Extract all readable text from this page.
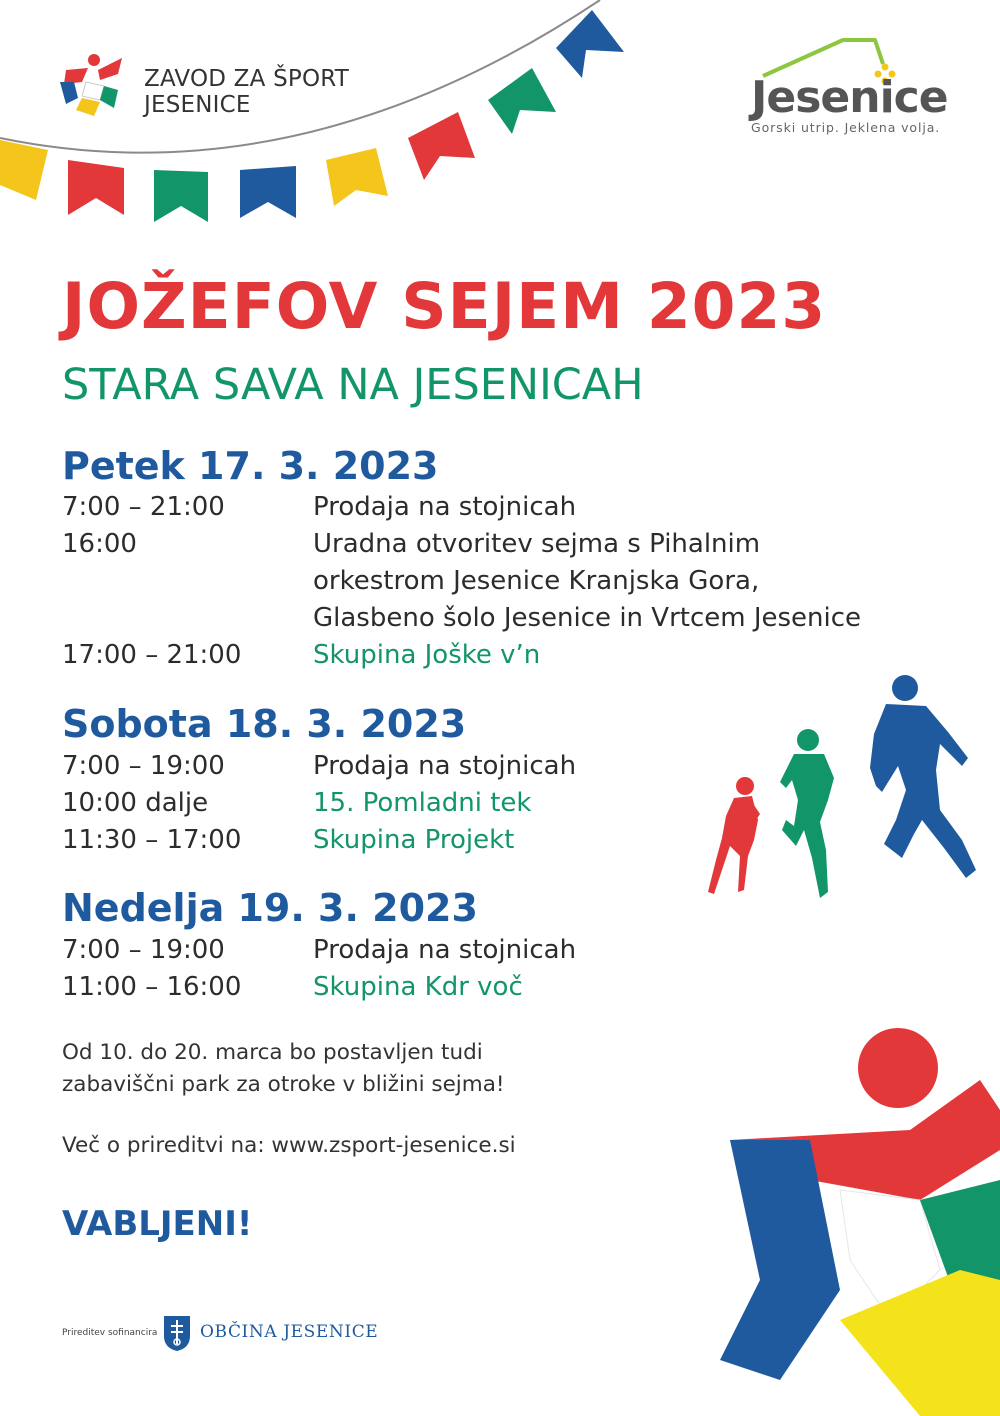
ZAVOD ZA ŠPORT
JESENICE	Jesenice
Gorski utrip. Jeklena volja.
JOŽEFOV SEJEM 2023
STARA SAVA NA JESENICAH
Petek 17. 3. 2023
7:00 – 21:00	Prodaja na stojnicah
16:00	Uradna otvoritev sejma s Pihalnim
orkestrom Jesenice Kranjska Gora,
Glasbeno šolo Jesenice in Vrtcem Jesenice
17:00 – 21:00	Skupina Joške v’n
Sobota 18. 3. 2023
7:00 – 19:00	Prodaja na stojnicah
10:00 dalje	15. Pomladni tek
11:30 – 17:00	Skupina Projekt
Nedelja 19. 3. 2023
7:00 – 19:00	Prodaja na stojnicah
11:00 – 16:00	Skupina Kdr voč
Od 10. do 20. marca bo postavljen tudi
zabaviščni park za otroke v bližini sejma!
Več o prireditvi na: www.zsport-jesenice.si
VABLJENI!
Prireditev sofinancira	OBČINA JESENICE
